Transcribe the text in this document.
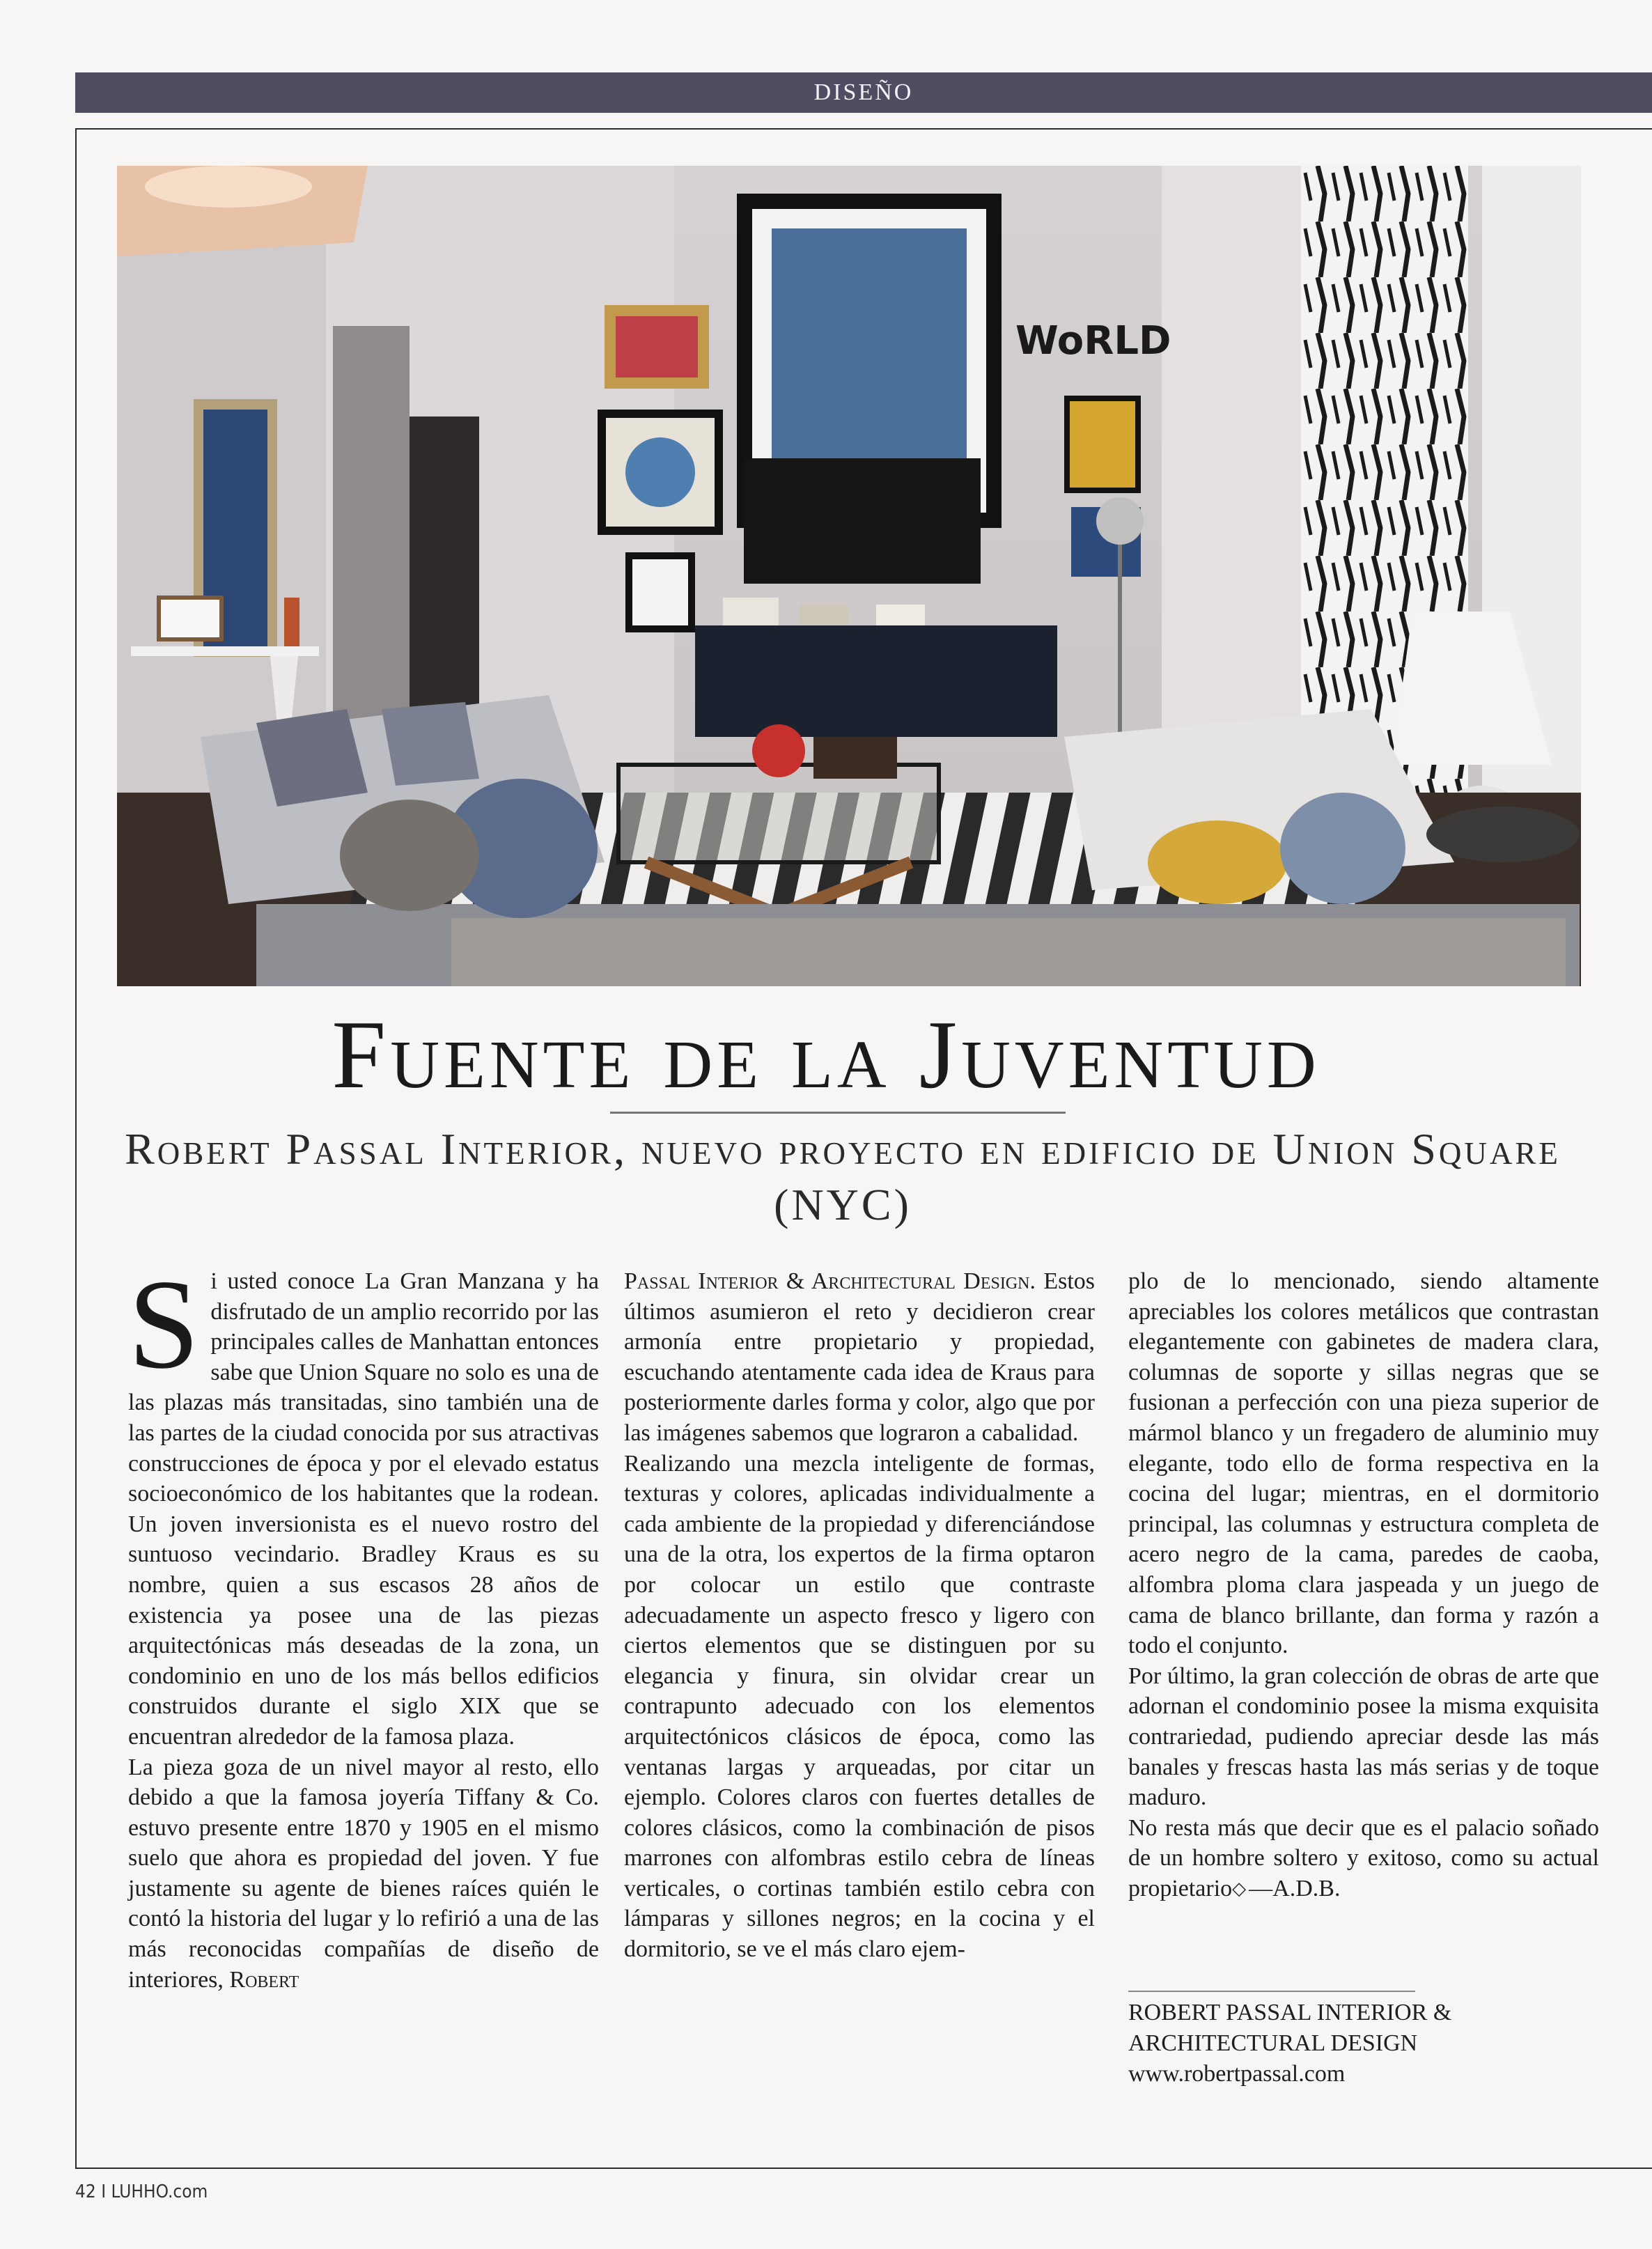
DISEÑO
WoRLD
Fuente de la Juventud
Robert Passal Interior, nuevo proyecto en edificio de Union Square (NYC)

Si usted conoce La Gran Manzana y ha disfrutado de un amplio recorrido por las principales calles de Manhattan entonces sabe que Union Square no solo es una de las plazas más transitadas, sino también una de las partes de la ciudad conocida por sus atractivas construcciones de época y por el elevado estatus socioeconómico de los habitantes que la rodean. Un joven inversionista es el nuevo rostro del suntuoso vecindario. Bradley Kraus es su nombre, quien a sus escasos 28 años de existencia ya posee una de las piezas arquitectónicas más deseadas de la zona, un condominio en uno de los más bellos edificios construidos durante el siglo XIX que se encuentran alrededor de la famosa plaza.

La pieza goza de un nivel mayor al resto, ello debido a que la famosa joyería Tiffany & Co. estuvo presente entre 1870 y 1905 en el mismo suelo que ahora es propiedad del joven. Y fue justamente su agente de bienes raíces quién le contó la historia del lugar y lo refirió a una de las más reconocidas compañías de diseño de interiores, Robert

Passal Interior & Architectural Design. Estos últimos asumieron el reto y decidieron crear armonía entre propietario y propiedad, escuchando atentamente cada idea de Kraus para posteriormente darles forma y color, algo que por las imágenes sabemos que lograron a cabalidad.

Realizando una mezcla inteligente de formas, texturas y colores, aplicadas individualmente a cada ambiente de la propiedad y diferenciándose una de la otra, los expertos de la firma optaron por colocar un estilo que contraste adecuadamente un aspecto fresco y ligero con ciertos elementos que se distinguen por su elegancia y finura, sin olvidar crear un contrapunto adecuado con los elementos arquitectónicos clásicos de época, como las ventanas largas y arqueadas, por citar un ejemplo. Colores claros con fuertes detalles de colores clásicos, como la combinación de pisos marrones con alfombras estilo cebra de líneas verticales, o cortinas también estilo cebra con lámparas y sillones negros; en la cocina y el dormitorio, se ve el más claro ejem-

plo de lo mencionado, siendo altamente apreciables los colores metálicos que contrastan elegantemente con gabinetes de madera clara, columnas de soporte y sillas negras que se fusionan a perfección con una pieza superior de mármol blanco y un fregadero de aluminio muy elegante, todo ello de forma respectiva en la cocina del lugar; mientras, en el dormitorio principal, las columnas y estructura completa de acero negro de la cama, paredes de caoba, alfombra ploma clara jaspeada y un juego de cama de blanco brillante, dan forma y razón a todo el conjunto.

Por último, la gran colección de obras de arte que adornan el condominio posee la misma exquisita contrariedad, pudiendo apreciar desde las más banales y frescas hasta las más serias y de toque maduro.

No resta más que decir que es el palacio soñado de un hombre soltero y exitoso, como su actual propietario◇ —A.D.B.

ROBERT PASSAL INTERIOR &
ARCHITECTURAL DESIGN
www.robertpassal.com
42 I LUHHO.com
